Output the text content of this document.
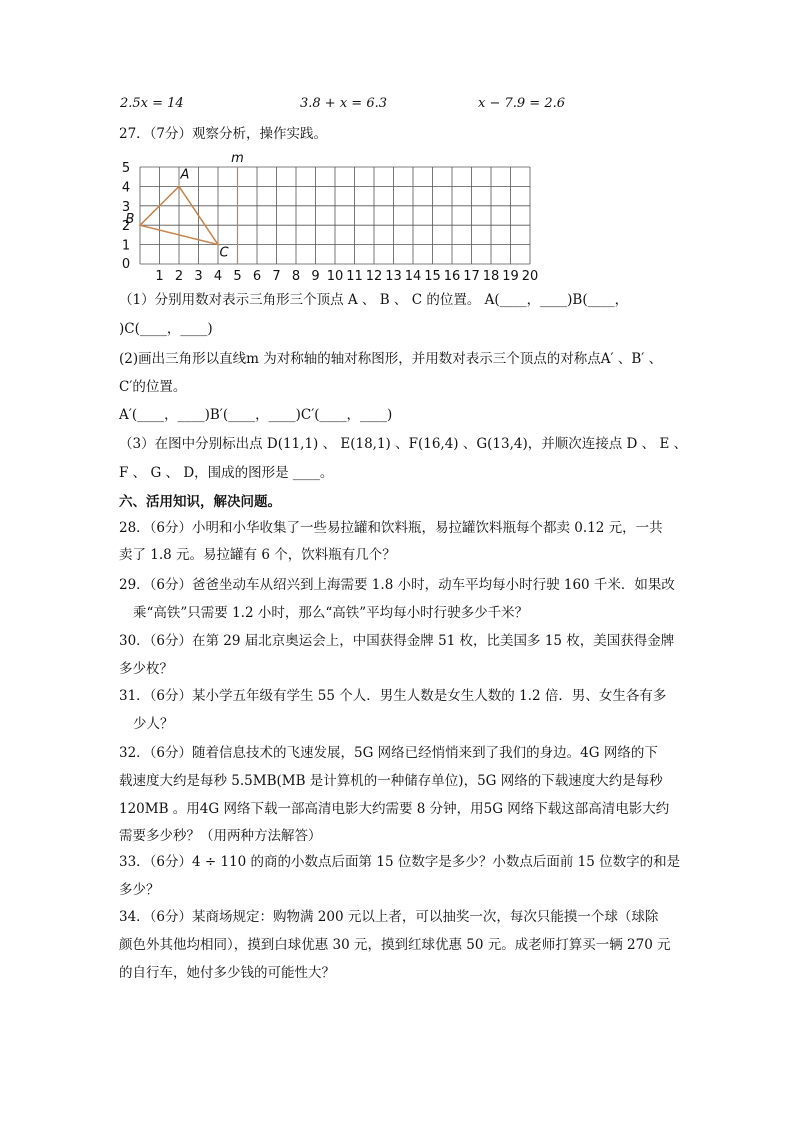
2.5x = 14	3.8 + x = 6.3	x − 7.9 = 2.6
27．（7分）观察分析，操作实践。
1 2 3 4 5 6 7 8 9 10 11 12 13 14 15 16 17 18 19 20
1
2
3
4
5
0
m
A
B
C
（1）分别用数对表示三角形三个顶点 A 、 B 、 C 的位置。 A(____，____)B(____，
)C(____，____)
(2)画出三角形以直线m 为对称轴的轴对称图形，并用数对表示三个顶点的对称点A′ 、B′ 、
C′的位置。
A′(____，____)B′(____，____)C′(____，____)
（3）在图中分别标出点 D(11,1) 、 E(18,1) 、F(16,4) 、G(13,4)，并顺次连接点 D 、 E 、
F 、 G 、 D，围成的图形是 ____。
六、活用知识，解决问题。
28．（6分）小明和小华收集了一些易拉罐和饮料瓶，易拉罐饮料瓶每个都卖 0.12 元，一共
卖了 1.8 元。易拉罐有 6 个，饮料瓶有几个？
29．（6分）爸爸坐动车从绍兴到上海需要 1.8 小时，动车平均每小时行驶 160 千米．如果改
乘“高铁”只需要 1.2 小时，那么“高铁”平均每小时行驶多少千米？
30．（6分）在第 29 届北京奥运会上，中国获得金牌 51 枚，比美国多 15 枚，美国获得金牌
多少枚？
31．（6分）某小学五年级有学生 55 个人．男生人数是女生人数的 1.2 倍．男、女生各有多
少人？
32．（6分）随着信息技术的飞速发展，5G 网络已经悄悄来到了我们的身边。4G 网络的下
载速度大约是每秒 5.5MB(MB 是计算机的一种储存单位)，5G 网络的下载速度大约是每秒
120MB 。用4G 网络下载一部高清电影大约需要 8 分钟，用5G 网络下载这部高清电影大约
需要多少秒？（用两种方法解答）
33．（6分）4 ÷ 110 的商的小数点后面第 15 位数字是多少？小数点后面前 15 位数字的和是
多少？
34．（6分）某商场规定：购物满 200 元以上者，可以抽奖一次，每次只能摸一个球（球除
颜色外其他均相同），摸到白球优惠 30 元，摸到红球优惠 50 元。成老师打算买一辆 270 元
的自行车，她付多少钱的可能性大？
